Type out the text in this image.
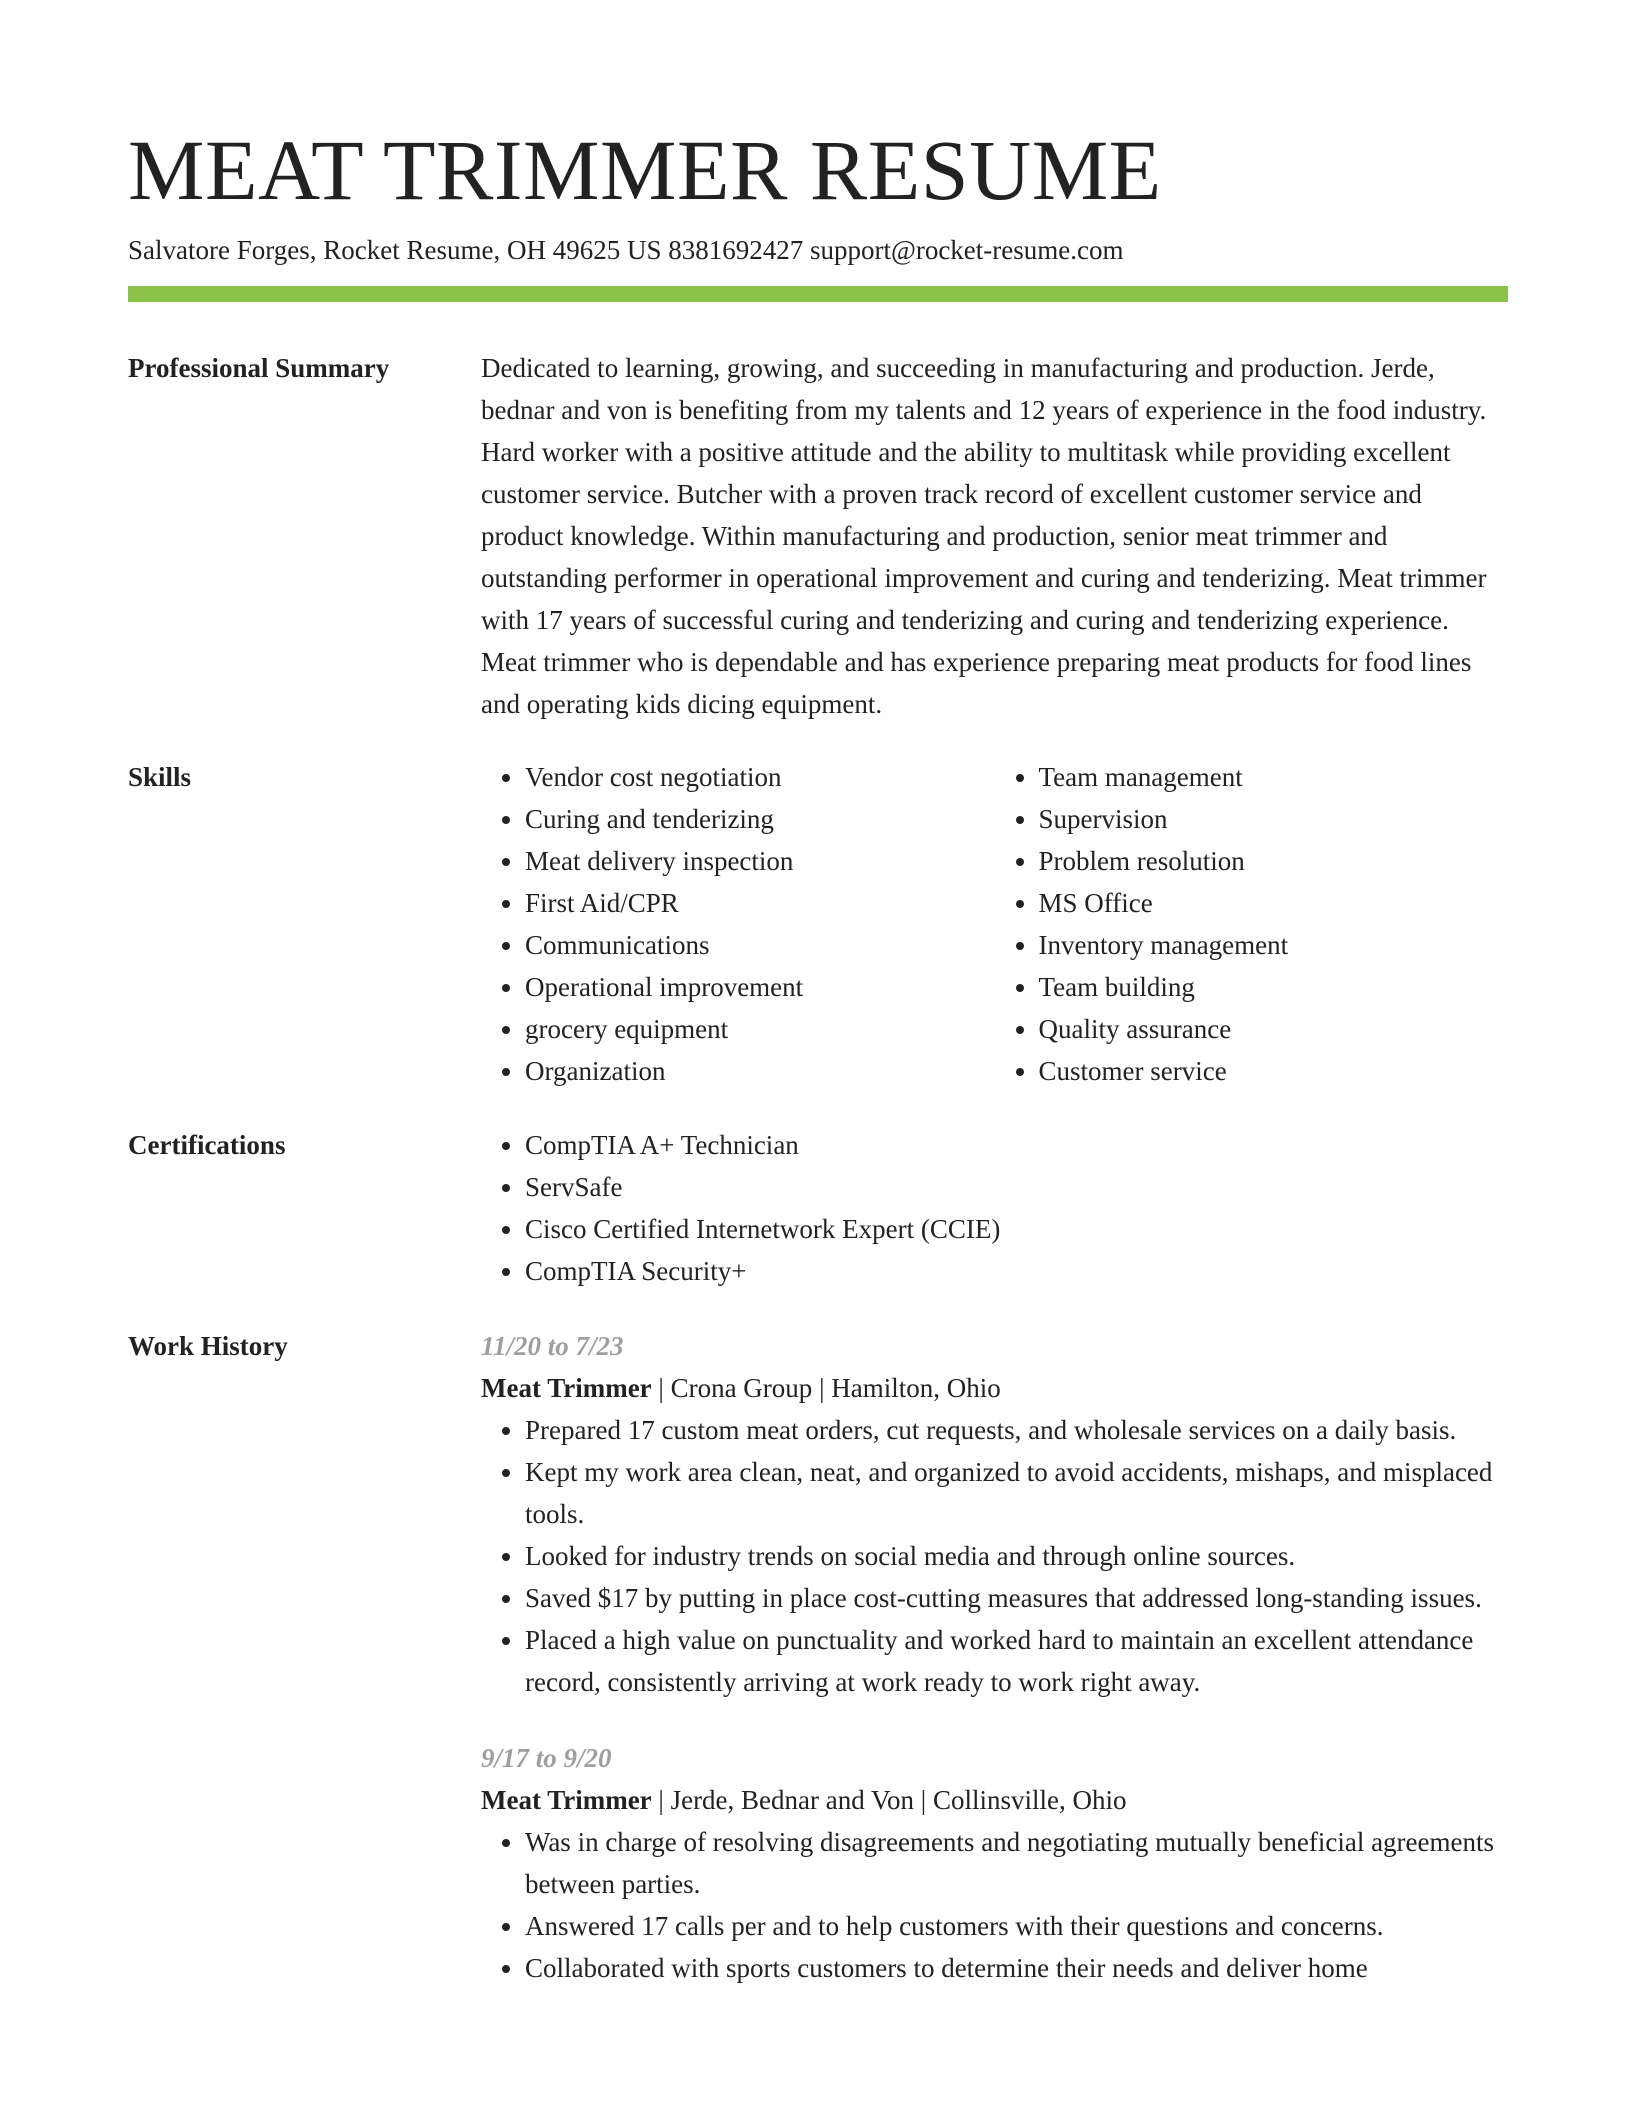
MEAT TRIMMER RESUME
Salvatore Forges, Rocket Resume, OH 49625 US 8381692427 support@rocket-resume.com
Professional Summary	Dedicated to learning, growing, and succeeding in manufacturing and production. Jerde, bednar and von is benefiting from my talents and 12 years of experience in the food industry. Hard worker with a positive attitude and the ability to multitask while providing excellent customer service. Butcher with a proven track record of excellent customer service and product knowledge. Within manufacturing and production, senior meat trimmer and outstanding performer in operational improvement and curing and tenderizing. Meat trimmer with 17 years of successful curing and tenderizing and curing and tenderizing experience. Meat trimmer who is dependable and has experience preparing meat products for food lines and operating kids dicing equipment.

Skills	• Vendor cost negotiation
• Curing and tenderizing
• Meat delivery inspection
• First Aid/CPR
• Communications
• Operational improvement
• grocery equipment
• Organization
• Team management
• Supervision
• Problem resolution
• MS Office
• Inventory management
• Team building
• Quality assurance
• Customer service
Certifications	• CompTIA A+ Technician
• ServSafe
• Cisco Certified Internetwork Expert (CCIE)
• CompTIA Security+
Work History	11/20 to 7/23
Meat Trimmer | Crona Group | Hamilton, Ohio
• Prepared 17 custom meat orders, cut requests, and wholesale services on a daily basis.
• Kept my work area clean, neat, and organized to avoid accidents, mishaps, and misplaced tools.
• Looked for industry trends on social media and through online sources.
• Saved $17 by putting in place cost-cutting measures that addressed long-standing issues.
• Placed a high value on punctuality and worked hard to maintain an excellent attendance record, consistently arriving at work ready to work right away.
9/17 to 9/20
Meat Trimmer | Jerde, Bednar and Von | Collinsville, Ohio
• Was in charge of resolving disagreements and negotiating mutually beneficial agreements between parties.
• Answered 17 calls per and to help customers with their questions and concerns.
• Collaborated with sports customers to determine their needs and deliver home
